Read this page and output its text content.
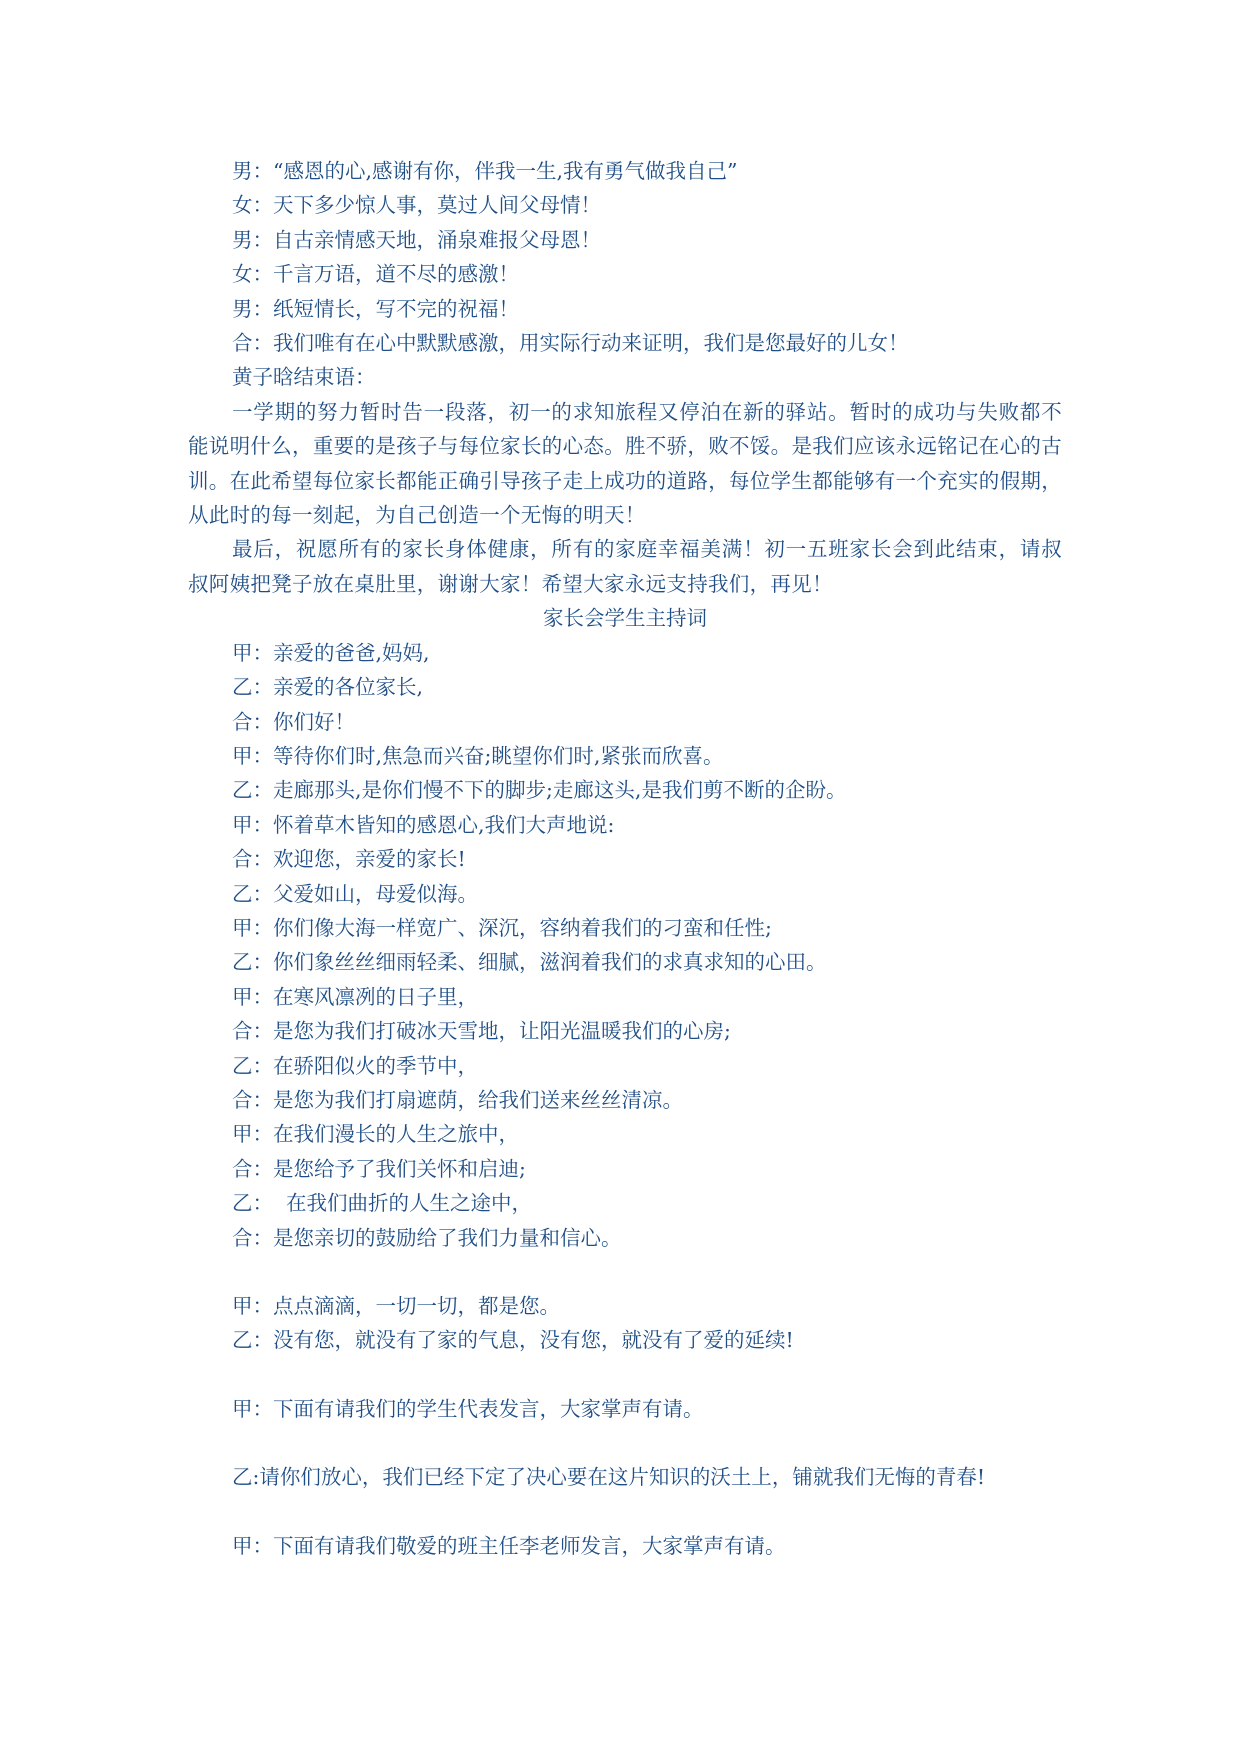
男：“感恩的心,感谢有你，伴我一生,我有勇气做我自己”

女：天下多少惊人事，莫过人间父母情！

男：自古亲情感天地，涌泉难报父母恩！

女：千言万语，道不尽的感激！

男：纸短情长，写不完的祝福！

合：我们唯有在心中默默感激，用实际行动来证明，我们是您最好的儿女！

黄子晗结束语：

一学期的努力暂时告一段落，初一的求知旅程又停泊在新的驿站。暂时的成功与失败都不能说明什么，重要的是孩子与每位家长的心态。胜不骄，败不馁。是我们应该永远铭记在心的古训。在此希望每位家长都能正确引导孩子走上成功的道路，每位学生都能够有一个充实的假期，从此时的每一刻起，为自己创造一个无悔的明天！

最后，祝愿所有的家长身体健康，所有的家庭幸福美满！初一五班家长会到此结束，请叔叔阿姨把凳子放在桌肚里，谢谢大家！希望大家永远支持我们，再见！

家长会学生主持词

甲：亲爱的爸爸,妈妈,

乙：亲爱的各位家长,

合：你们好！

甲：等待你们时,焦急而兴奋;眺望你们时,紧张而欣喜。

乙：走廊那头,是你们慢不下的脚步;走廊这头,是我们剪不断的企盼。

甲：怀着草木皆知的感恩心,我们大声地说:

合：欢迎您，亲爱的家长!

乙：父爱如山，母爱似海。

甲：你们像大海一样宽广、深沉，容纳着我们的刁蛮和任性;

乙：你们象丝丝细雨轻柔、细腻，滋润着我们的求真求知的心田。

甲：在寒风凛冽的日子里，

合：是您为我们打破冰天雪地，让阳光温暖我们的心房;

乙：在骄阳似火的季节中，

合：是您为我们打扇遮荫，给我们送来丝丝清凉。

甲：在我们漫长的人生之旅中，

合：是您给予了我们关怀和启迪;

乙：  在我们曲折的人生之途中，

合：是您亲切的鼓励给了我们力量和信心。

甲：点点滴滴，一切一切，都是您。

乙：没有您，就没有了家的气息，没有您，就没有了爱的延续!

甲：下面有请我们的学生代表发言，大家掌声有请。

乙:请你们放心，我们已经下定了决心要在这片知识的沃土上，铺就我们无悔的青春!

甲：下面有请我们敬爱的班主任李老师发言，大家掌声有请。
